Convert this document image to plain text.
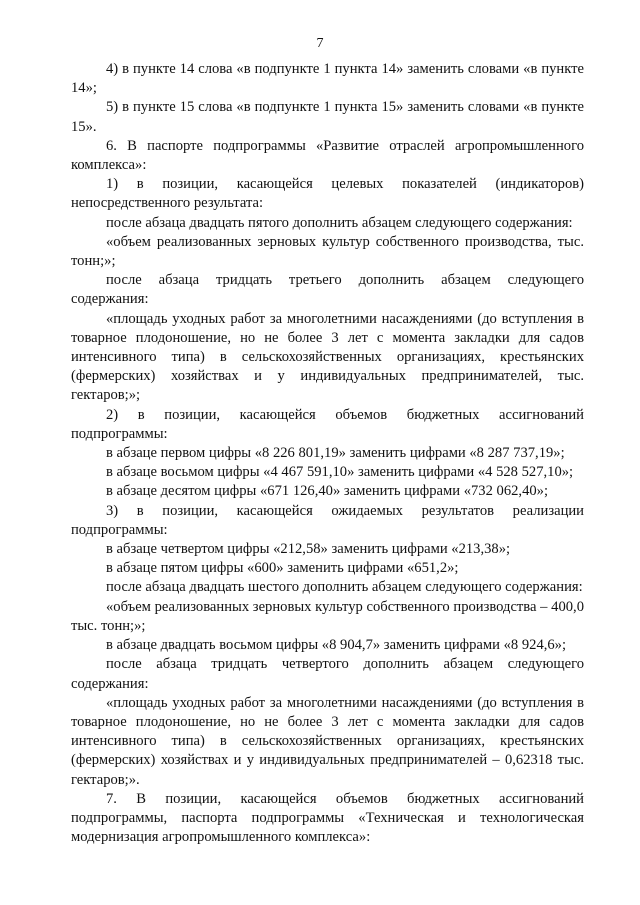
7

4) в пункте 14 слова «в подпункте 1 пункта 14» заменить словами «в пункте 14»;

5) в пункте 15 слова «в подпункте 1 пункта 15» заменить словами «в пункте 15».

6. В паспорте подпрограммы «Развитие отраслей агропромышленного комплекса»:

1) в позиции, касающейся целевых показателей (индикаторов) непосредственного результата:

после абзаца двадцать пятого дополнить абзацем следующего содержания:

«объем реализованных зерновых культур собственного производства, тыс. тонн;»;

после абзаца тридцать третьего дополнить абзацем следующего содержания:

«площадь уходных работ за многолетними насаждениями (до вступления в товарное плодоношение, но не более 3 лет с момента закладки для садов интенсивного типа) в сельскохозяйственных организациях, крестьянских (фермерских) хозяйствах и у индивидуальных предпринимателей, тыс. гектаров;»;

2) в позиции, касающейся объемов бюджетных ассигнований подпрограммы:

в абзаце первом цифры «8 226 801,19» заменить цифрами «8 287 737,19»;

в абзаце восьмом цифры «4 467 591,10» заменить цифрами «4 528 527,10»;

в абзаце десятом цифры «671 126,40» заменить цифрами «732 062,40»;

3) в позиции, касающейся ожидаемых результатов реализации подпрограммы:

в абзаце четвертом цифры «212,58» заменить цифрами «213,38»;

в абзаце пятом цифры «600» заменить цифрами «651,2»;

после абзаца двадцать шестого дополнить абзацем следующего содержания:

«объем реализованных зерновых культур собственного производства – 400,0 тыс. тонн;»;

в абзаце двадцать восьмом цифры «8 904,7» заменить цифрами «8 924,6»;

после абзаца тридцать четвертого дополнить абзацем следующего содержания:

«площадь уходных работ за многолетними насаждениями (до вступления в товарное плодоношение, но не более 3 лет с момента закладки для садов интенсивного типа) в сельскохозяйственных организациях, крестьянских (фермерских) хозяйствах и у индивидуальных предпринимателей – 0,62318 тыс. гектаров;».

7. В позиции, касающейся объемов бюджетных ассигнований подпрограммы, паспорта подпрограммы «Техническая и технологическая модернизация агропромышленного комплекса»:
